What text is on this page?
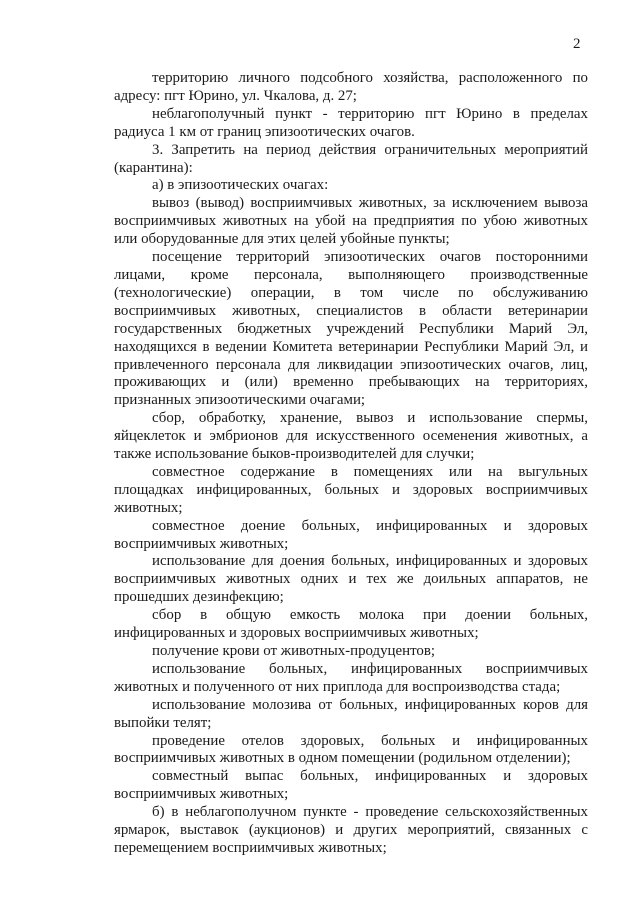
2

территорию личного подсобного хозяйства, расположенного по адресу: пгт Юрино, ул. Чкалова, д. 27;

неблагополучный пункт - территорию пгт Юрино в пределах радиуса 1 км от границ эпизоотических очагов.

3. Запретить на период действия ограничительных мероприятий (карантина):

а) в эпизоотических очагах:

вывоз (вывод) восприимчивых животных, за исключением вывоза восприимчивых животных на убой на предприятия по убою животных или оборудованные для этих целей убойные пункты;

посещение территорий эпизоотических очагов посторонними лицами, кроме персонала, выполняющего производственные (технологические) операции, в том числе по обслуживанию восприимчивых животных, специалистов в области ветеринарии государственных бюджетных учреждений Республики Марий Эл, находящихся в ведении Комитета ветеринарии Республики Марий Эл, и привлеченного персонала для ликвидации эпизоотических очагов, лиц, проживающих и (или) временно пребывающих на территориях, признанных эпизоотическими очагами;

сбор, обработку, хранение, вывоз и использование спермы, яйцеклеток и эмбрионов для искусственного осеменения животных, а также использование быков-производителей для случки;

совместное содержание в помещениях или на выгульных площадках инфицированных, больных и здоровых восприимчивых животных;

совместное доение больных, инфицированных и здоровых восприимчивых животных;

использование для доения больных, инфицированных и здоровых восприимчивых животных одних и тех же доильных аппаратов, не прошедших дезинфекцию;

сбор в общую емкость молока при доении больных, инфицированных и здоровых восприимчивых животных;

получение крови от животных-продуцентов;

использование больных, инфицированных восприимчивых животных и полученного от них приплода для воспроизводства стада;

использование молозива от больных, инфицированных коров для выпойки телят;

проведение отелов здоровых, больных и инфицированных восприимчивых животных в одном помещении (родильном отделении);

совместный выпас больных, инфицированных и здоровых восприимчивых животных;

б) в неблагополучном пункте - проведение сельскохозяйственных ярмарок, выставок (аукционов) и других мероприятий, связанных с перемещением восприимчивых животных;
